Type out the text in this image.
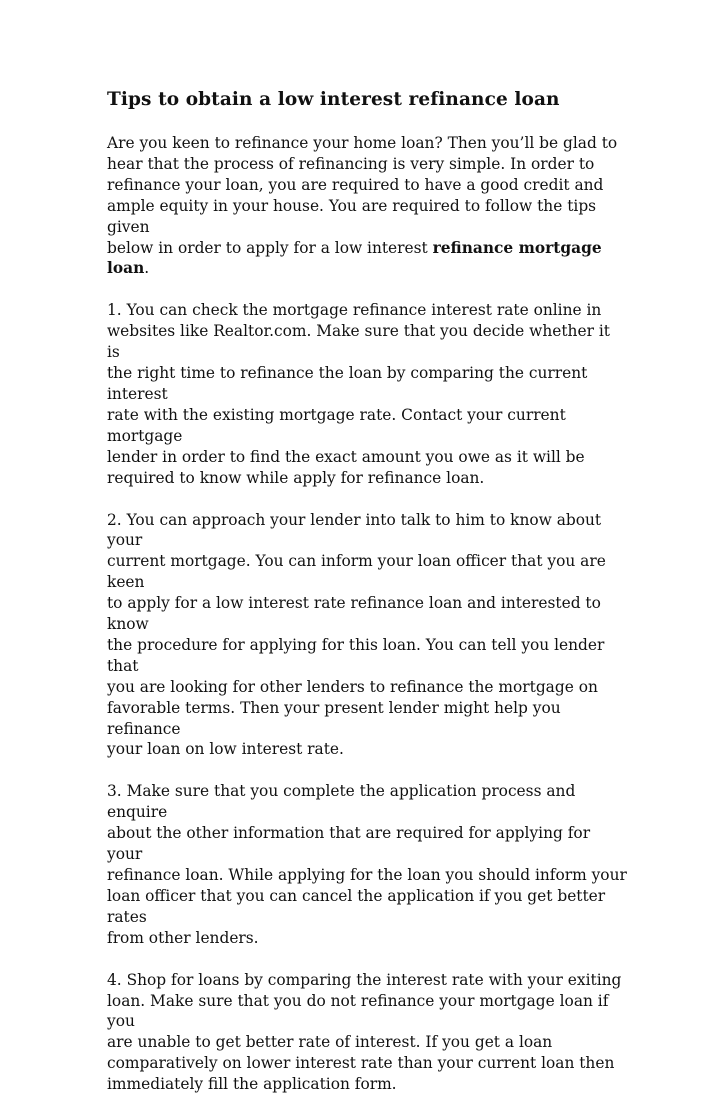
Tips to obtain a low interest refinance loan
Are you keen to refinance your home loan? Then you’ll be glad to
hear that the process of refinancing is very simple. In order to
refinance your loan, you are required to have a good credit and
ample equity in your house. You are required to follow the tips given
below in order to apply for a low interest refinance mortgage loan.
1. You can check the mortgage refinance interest rate online in
websites like Realtor.com. Make sure that you decide whether it is
the right time to refinance the loan by comparing the current interest
rate with the existing mortgage rate. Contact your current mortgage
lender in order to find the exact amount you owe as it will be
required to know while apply for refinance loan.
2. You can approach your lender into talk to him to know about your
current mortgage. You can inform your loan officer that you are keen
to apply for a low interest rate refinance loan and interested to know
the procedure for applying for this loan. You can tell you lender that
you are looking for other lenders to refinance the mortgage on
favorable terms. Then your present lender might help you refinance
your loan on low interest rate.
3. Make sure that you complete the application process and enquire
about the other information that are required for applying for your
refinance loan. While applying for the loan you should inform your
loan officer that you can cancel the application if you get better rates
from other lenders.
4. Shop for loans by comparing the interest rate with your exiting
loan. Make sure that you do not refinance your mortgage loan if you
are unable to get better rate of interest. If you get a loan
comparatively on lower interest rate than your current loan then
immediately fill the application form.
